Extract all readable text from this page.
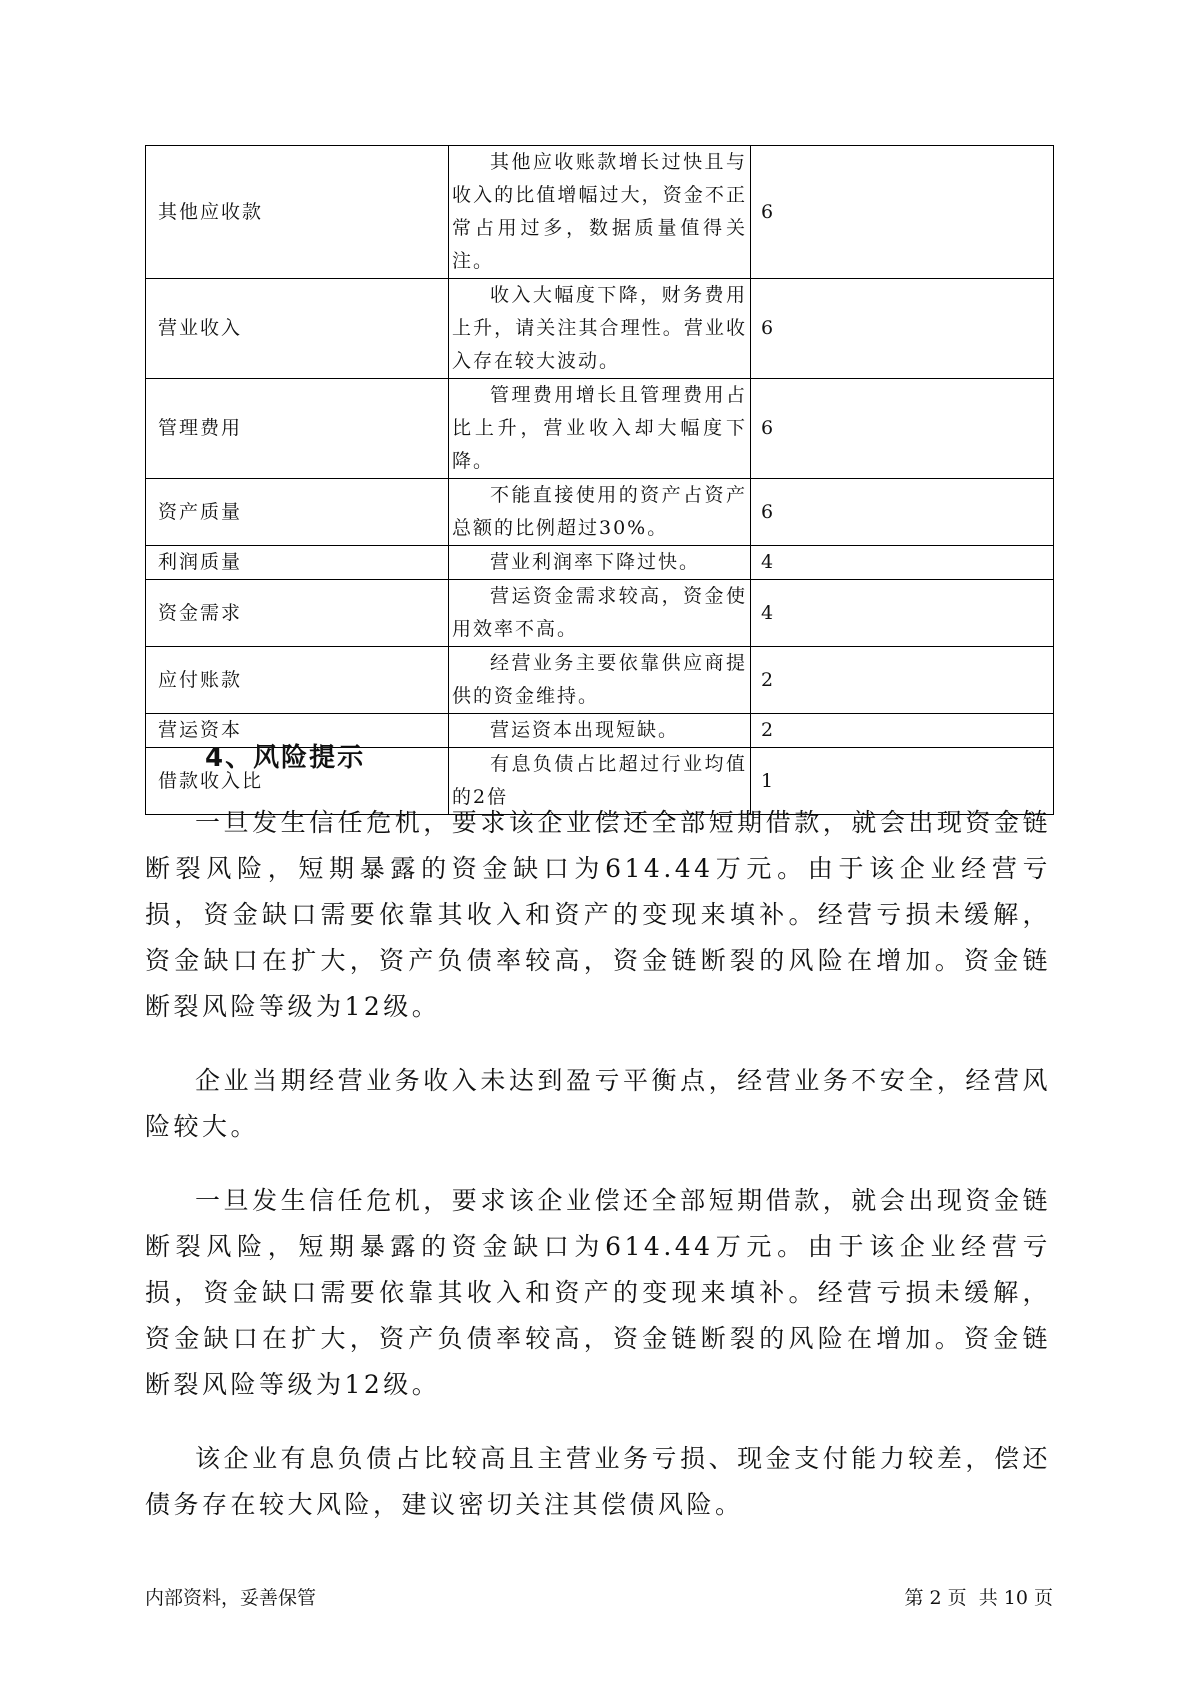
其他应收款	其他应收账款增长过快且与收入的比值增幅过大，资金不正常占用过多，数据质量值得关注。	6
营业收入	收入大幅度下降，财务费用上升，请关注其合理性。营业收入存在较大波动。	6
管理费用	管理费用增长且管理费用占比上升，营业收入却大幅度下降。	6
资产质量	不能直接使用的资产占资产总额的比例超过30%。	6
利润质量	营业利润率下降过快。	4
资金需求	营运资金需求较高，资金使用效率不高。	4
应付账款	经营业务主要依靠供应商提供的资金维持。	2
营运资本	营运资本出现短缺。	2
借款收入比	有息负债占比超过行业均值的2倍	1
4、风险提示

一旦发生信任危机，要求该企业偿还全部短期借款，就会出现资金链断裂风险，短期暴露的资金缺口为614.44万元。由于该企业经营亏损，资金缺口需要依靠其收入和资产的变现来填补。经营亏损未缓解，资金缺口在扩大，资产负债率较高，资金链断裂的风险在增加。资金链断裂风险等级为12级。

企业当期经营业务收入未达到盈亏平衡点，经营业务不安全，经营风险较大。

一旦发生信任危机，要求该企业偿还全部短期借款，就会出现资金链断裂风险，短期暴露的资金缺口为614.44万元。由于该企业经营亏损，资金缺口需要依靠其收入和资产的变现来填补。经营亏损未缓解，资金缺口在扩大，资产负债率较高，资金链断裂的风险在增加。资金链断裂风险等级为12级。

该企业有息负债占比较高且主营业务亏损、现金支付能力较差，偿还债务存在较大风险，建议密切关注其偿债风险。

内部资料，妥善保管	第 2 页  共 10 页
